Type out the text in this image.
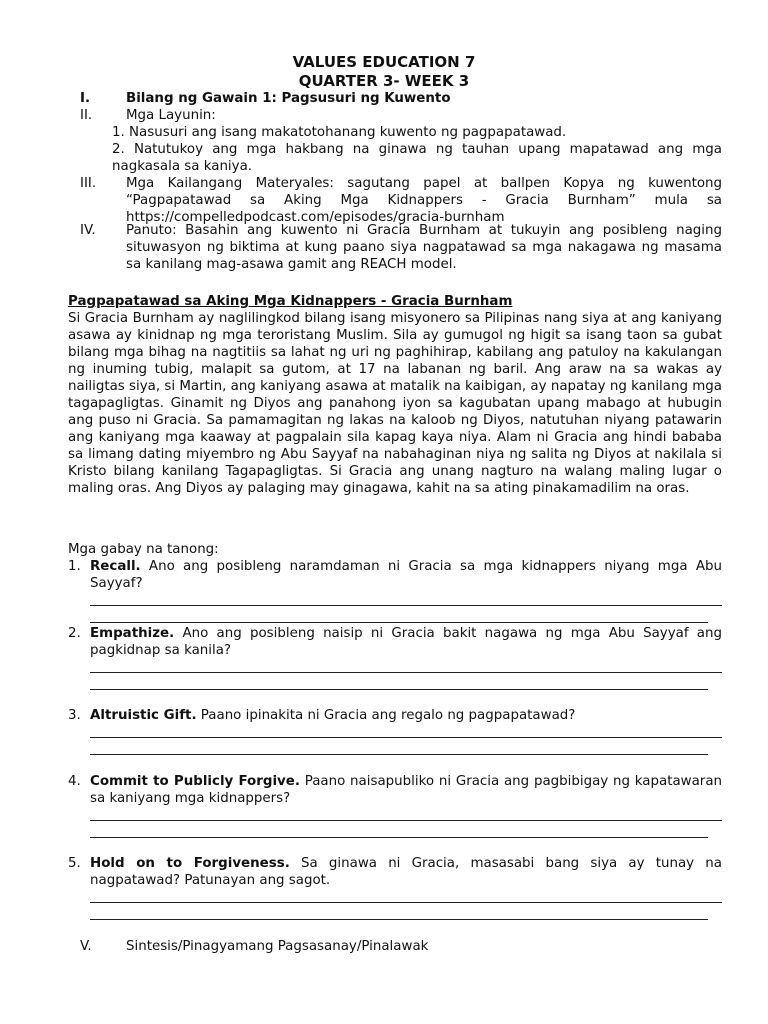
VALUES EDUCATION 7
QUARTER 3- WEEK 3
I.	Bilang ng Gawain 1: Pagsusuri ng Kuwento
II.	Mga Layunin:
1. Nasusuri ang isang makatotohanang kuwento ng pagpapatawad.
2. Natutukoy ang mga hakbang na ginawa ng tauhan upang mapatawad ang mga nagkasala sa kaniya.
III.	Mga Kailangang Materyales: sagutang papel at ballpen Kopya ng kuwentong “Pagpapatawad sa Aking Mga Kidnappers - Gracia Burnham” mula sa https://compelledpodcast.com/episodes/gracia-burnham
IV.	Panuto: Basahin ang kuwento ni Gracia Burnham at tukuyin ang posibleng naging situwasyon ng biktima at kung paano siya nagpatawad sa mga nakagawa ng masama sa kanilang mag-asawa gamit ang REACH model.
Pagpapatawad sa Aking Mga Kidnappers - Gracia Burnham
Si Gracia Burnham ay naglilingkod bilang isang misyonero sa Pilipinas nang siya at ang kaniyang asawa ay kinidnap ng mga teroristang Muslim. Sila ay gumugol ng higit sa isang taon sa gubat bilang mga bihag na nagtitiis sa lahat ng uri ng paghihirap, kabilang ang patuloy na kakulangan ng inuming tubig, malapit sa gutom, at 17 na labanan ng baril. Ang araw na sa wakas ay nailigtas siya, si Martin, ang kaniyang asawa at matalik na kaibigan, ay napatay ng kanilang mga tagapagligtas. Ginamit ng Diyos ang panahong iyon sa kagubatan upang mabago at hubugin ang puso ni Gracia. Sa pamamagitan ng lakas na kaloob ng Diyos, natutuhan niyang patawarin ang kaniyang mga kaaway at pagpalain sila kapag kaya niya. Alam ni Gracia ang hindi bababa sa limang dating miyembro ng Abu Sayyaf na nabahaginan niya ng salita ng Diyos at nakilala si Kristo bilang kanilang Tagapagligtas. Si Gracia ang unang nagturo na walang maling lugar o maling oras. Ang Diyos ay palaging may ginagawa, kahit na sa ating pinakamadilim na oras.
Mga gabay na tanong:
1. Recall. Ano ang posibleng naramdaman ni Gracia sa mga kidnappers niyang mga Abu Sayyaf?
2. Empathize. Ano ang posibleng naisip ni Gracia bakit nagawa ng mga Abu Sayyaf ang pagkidnap sa kanila?
3. Altruistic Gift. Paano ipinakita ni Gracia ang regalo ng pagpapatawad?
4. Commit to Publicly Forgive. Paano naisapubliko ni Gracia ang pagbibigay ng kapatawaran sa kaniyang mga kidnappers?
5. Hold on to Forgiveness. Sa ginawa ni Gracia, masasabi bang siya ay tunay na nagpatawad? Patunayan ang sagot.
V.	Sintesis/Pinagyamang Pagsasanay/Pinalawak
